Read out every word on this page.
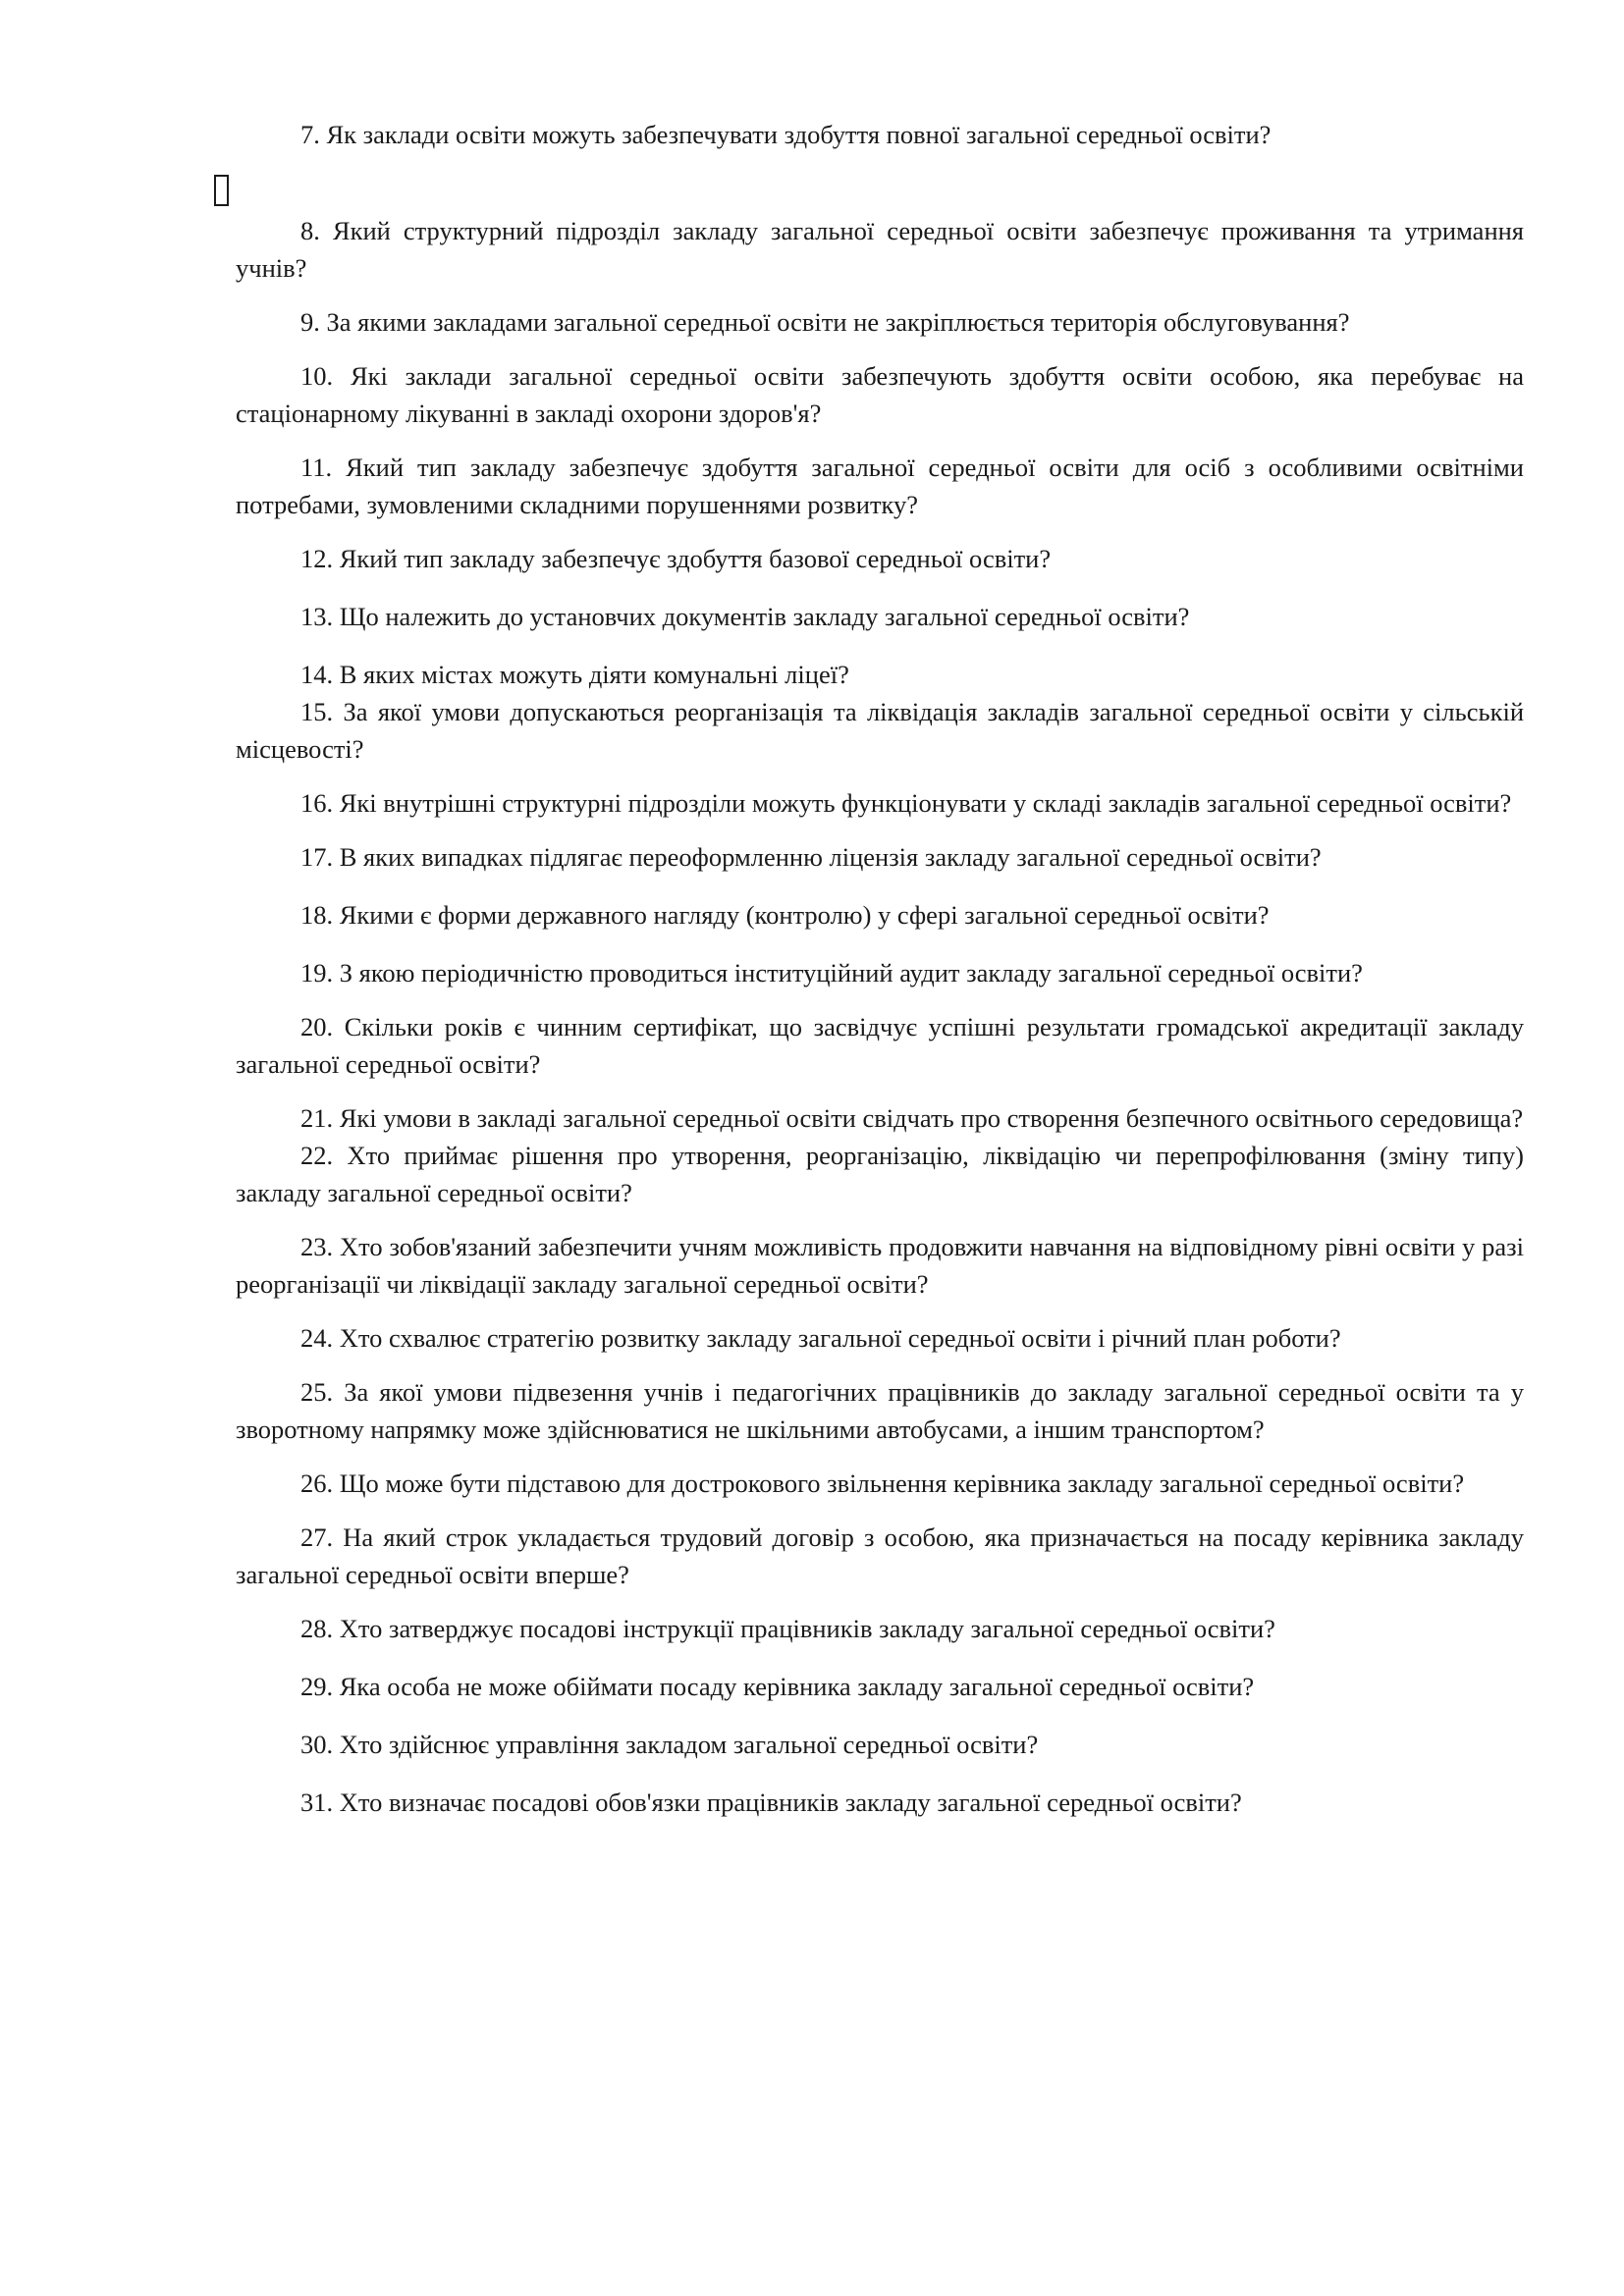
7. Як заклади освіти можуть забезпечувати здобуття повної загальної середньої освіти?

8. Який структурний підрозділ закладу загальної середньої освіти забезпечує проживання та утримання учнів?

9. За якими закладами загальної середньої освіти не закріплюється територія обслуговування?

10. Які заклади загальної середньої освіти забезпечують здобуття освіти особою, яка перебуває на стаціонарному лікуванні в закладі охорони здоров'я?

11. Який тип закладу забезпечує здобуття загальної середньої освіти для осіб з особливими освітніми потребами, зумовленими складними порушеннями розвитку?

12. Який тип закладу забезпечує здобуття базової середньої освіти?

13. Що належить до установчих документів закладу загальної середньої освіти?

14. В яких містах можуть діяти комунальні ліцеї?

15. За якої умови допускаються реорганізація та ліквідація закладів загальної середньої освіти у сільській місцевості?

16. Які внутрішні структурні підрозділи можуть функціонувати у складі закладів загальної середньої освіти?

17. В яких випадках підлягає переоформленню ліцензія закладу загальної середньої освіти?

18. Якими є форми державного нагляду (контролю) у сфері загальної середньої освіти?

19. З якою періодичністю проводиться інституційний аудит закладу загальної середньої освіти?

20. Скільки років є чинним сертифікат, що засвідчує успішні результати громадської акредитації закладу загальної середньої освіти?

21. Які умови в закладі загальної середньої освіти свідчать про створення безпечного освітнього середовища?

22. Хто приймає рішення про утворення, реорганізацію, ліквідацію чи перепрофілювання (зміну типу) закладу загальної середньої освіти?

23. Хто зобов'язаний забезпечити учням можливість продовжити навчання на відповідному рівні освіти у разі реорганізації чи ліквідації закладу загальної середньої освіти?

24. Хто схвалює стратегію розвитку закладу загальної середньої освіти і річний план роботи?

25. За якої умови підвезення учнів і педагогічних працівників до закладу загальної середньої освіти та у зворотному напрямку може здійснюватися не шкільними автобусами, а іншим транспортом?

26. Що може бути підставою для дострокового звільнення керівника закладу загальної середньої освіти?

27. На який строк укладається трудовий договір з особою, яка призначається на посаду керівника закладу загальної середньої освіти вперше?

28. Хто затверджує посадові інструкції працівників закладу загальної середньої освіти?

29. Яка особа не може обіймати посаду керівника закладу загальної середньої освіти?

30. Хто здійснює управління закладом загальної середньої освіти?

31. Хто визначає посадові обов'язки працівників закладу загальної середньої освіти?
